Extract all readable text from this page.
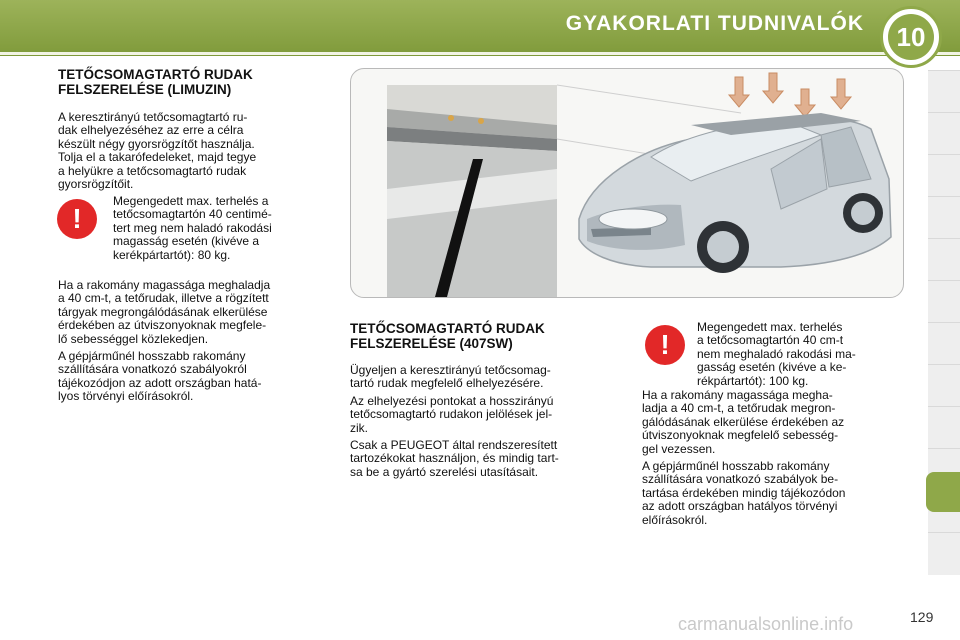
GYAKORLATI TUDNIVALÓK	10
TETŐCSOMAGTARTÓ RUDAK
FELSZERELÉSE (LIMUZIN)

A keresztirányú tetőcsomagtartó ru-
dak elhelyezéséhez az erre a célra
készült négy gyorsrögzítőt használja.
Tolja el a takarófedeleket, majd tegye
a helyükre a tetőcsomagtartó rudak
gyorsrögzítőit.

!

Megengedett max. terhelés a
tetőcsomagtartón 40 centimé-
tert meg nem haladó rakodási
magasság esetén (kivéve a
kerékpártartót): 80 kg.

Ha a rakomány magassága meghaladja
a 40 cm-t, a tetőrudak, illetve a rögzített
tárgyak megrongálódásának elkerülése
érdekében az útviszonyoknak megfele-
lő sebességgel közlekedjen.

A gépjárműnél hosszabb rakomány
szállítására vonatkozó szabályokról
tájékozódjon az adott országban hatá-
lyos törvényi előírásokról.

TETŐCSOMAGTARTÓ RUDAK
FELSZERELÉSE (407SW)

Ügyeljen a keresztirányú tetőcsomag-
tartó rudak megfelelő elhelyezésére.

Az elhelyezési pontokat a hosszirányú
tetőcsomagtartó rudakon jelölések jel-
zik.

Csak a PEUGEOT által rendszeresített
tartozékokat használjon, és mindig tart-
sa be a gyártó szerelési utasításait.

!

Megengedett max. terhelés
a tetőcsomagtartón 40 cm-t
nem meghaladó rakodási ma-
gasság esetén (kivéve a ke-
rékpártartót): 100 kg.

Ha a rakomány magassága megha-
ladja a 40 cm-t, a tetőrudak megron-
gálódásának elkerülése érdekében az
útviszonyoknak megfelelő sebesség-
gel vezessen.

A gépjárműnél hosszabb rakomány
szállítására vonatkozó szabályok be-
tartása érdekében mindig tájékozódon
az adott országban hatályos törvényi
előírásokról.

carmanualsonline.info	129
